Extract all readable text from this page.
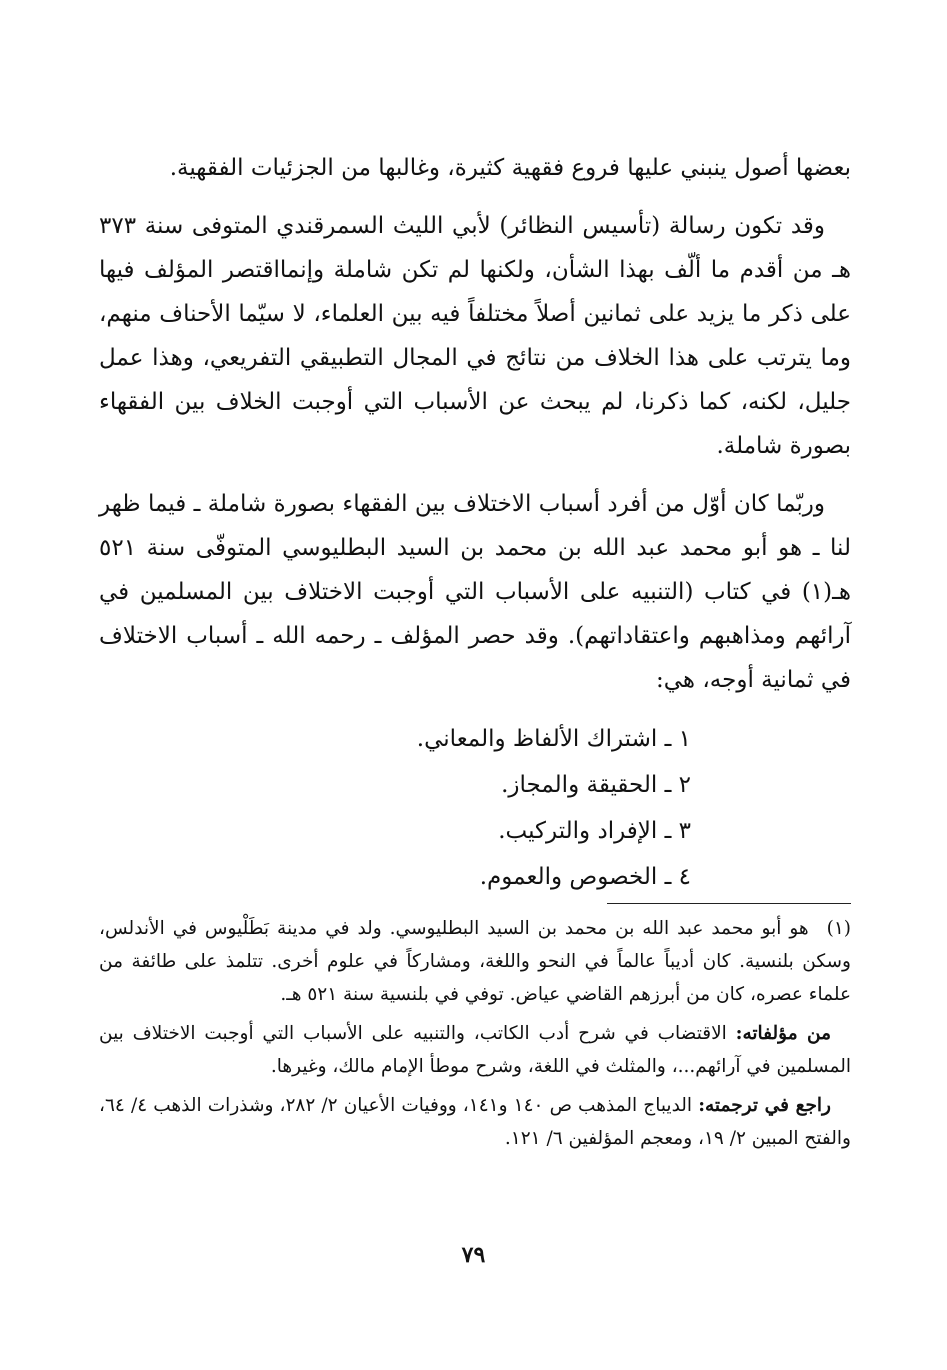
بعضها أصول ينبني عليها فروع فقهية كثيرة، وغالبها من الجزئيات الفقهية.

وقد تكون رسالة (تأسيس النظائر) لأبي الليث السمرقندي المتوفى سنة ٣٧٣ هـ من أقدم ما ألّف بهذا الشأن، ولكنها لم تكن شاملة وإنمااقتصر المؤلف فيها على ذكر ما يزيد على ثمانين أصلاً مختلفاً فيه بين العلماء، لا سيّما الأحناف منهم، وما يترتب على هذا الخلاف من نتائج في المجال التطبيقي التفريعي، وهذا عمل جليل، لكنه، كما ذكرنا، لم يبحث عن الأسباب التي أوجبت الخلاف بين الفقهاء بصورة شاملة.

وربّما كان أوّل من أفرد أسباب الاختلاف بين الفقهاء بصورة شاملة ـ فيما ظهر لنا ـ هو أبو محمد عبد الله بن محمد بن السيد البطليوسي المتوفّى سنة ٥٢١ هـ(١) في كتاب (التنبيه على الأسباب التي أوجبت الاختلاف بين المسلمين في آرائهم ومذاهبهم واعتقاداتهم). وقد حصر المؤلف ـ رحمه الله ـ أسباب الاختلاف في ثمانية أوجه، هي:

١ ـ اشتراك الألفاظ والمعاني.
٢ ـ الحقيقة والمجاز.
٣ ـ الإفراد والتركيب.
٤ ـ الخصوص والعموم.

(١) هو أبو محمد عبد الله بن محمد بن السيد البطليوسي. ولد في مدينة بَطَلْيوس في الأندلس، وسكن بلنسية. كان أديباً عالماً في النحو واللغة، ومشاركاً في علوم أخرى. تتلمذ على طائفة من علماء عصره، كان من أبرزهم القاضي عياض. توفي في بلنسية سنة ٥٢١ هـ.

من مؤلفاته: الاقتضاب في شرح أدب الكاتب، والتنبيه على الأسباب التي أوجبت الاختلاف بين المسلمين في آرائهم...، والمثلث في اللغة، وشرح موطأ الإمام مالك، وغيرها.

راجع في ترجمته: الديباج المذهب ص ١٤٠ و١٤١، ووفيات الأعيان ٢/ ٢٨٢، وشذرات الذهب ٤/ ٦٤، والفتح المبين ٢/ ١٩، ومعجم المؤلفين ٦/ ١٢١.

٧٩
